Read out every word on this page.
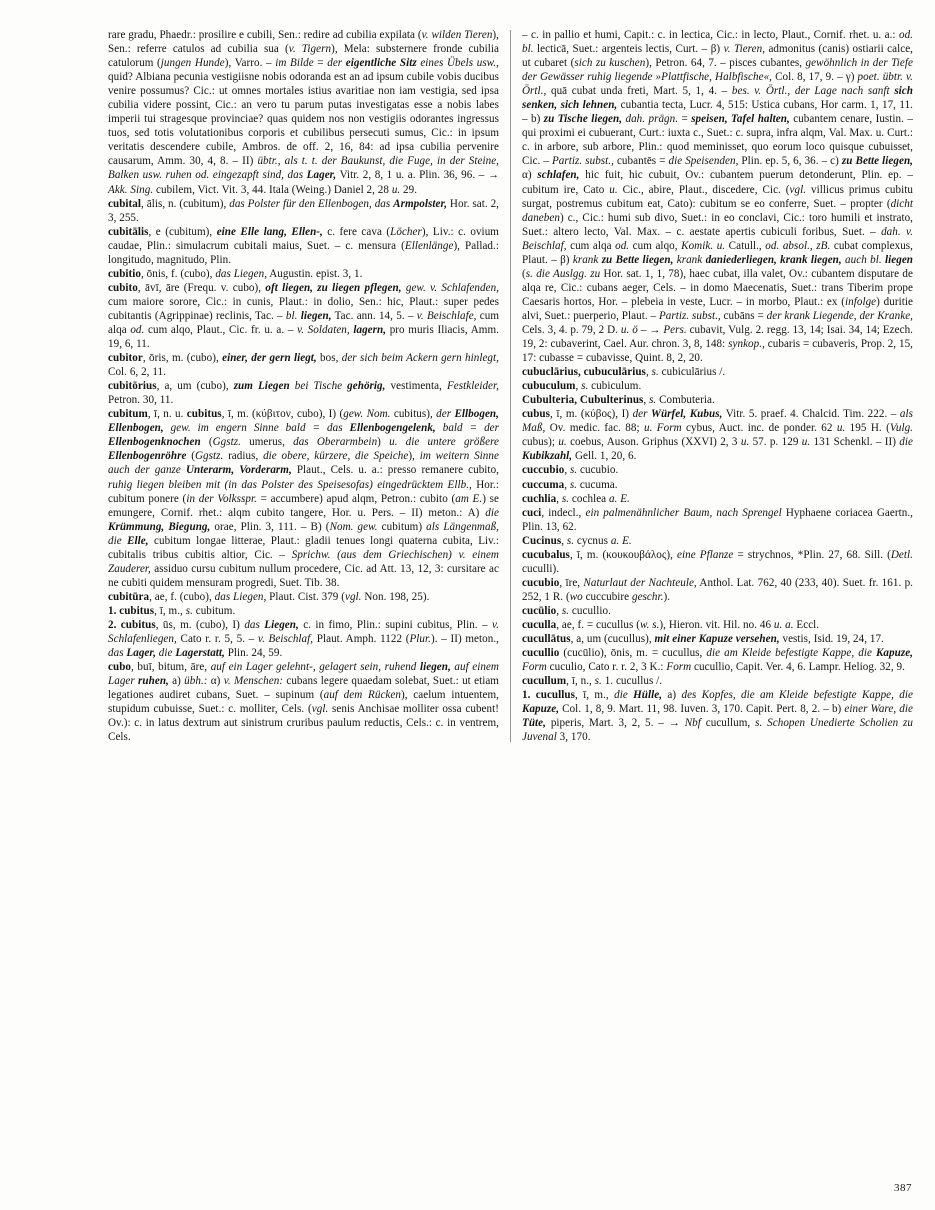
rare gradu, Phaedr.: prosilire e cubili, Sen.: redire ad cubilia expilata (v. wilden Tieren), Sen.: referre catulos ad cubilia sua (v. Tigern), Mela: substernere fronde cubilia catulorum (jungen Hunde), Varro. – im Bilde = der eigentliche Sitz eines Übels usw., quid? Albiana pecunia vestigiisne nobis odoranda est an ad ipsum cubile vobis ducibus venire possumus? Cic.: ut omnes mortales istius avaritiae non iam vestigia, sed ipsa cubilia videre possint, Cic.: an vero tu parum putas investigatas esse a nobis labes imperii tui stragesque provinciae? quas quidem nos non vestigiis odorantes ingressus tuos, sed totis volutationibus corporis et cubilibus persecuti sumus, Cic.: in ipsum veritatis descendere cubile, Ambros. de off. 2, 16, 84: ad ipsa cubilia pervenire causarum, Amm. 30, 4, 8. – II) übtr., als t. t. der Baukunst, die Fuge, in der Steine, Balken usw. ruhen od. eingezapft sind, das Lager, Vitr. 2, 8, 1 u. a. Plin. 36, 96. – → Akk. Sing. cubilem, Vict. Vit. 3, 44. Itala (Weing.) Daniel 2, 28 u. 29.

cubital, ālis, n. (cubitum), das Polster für den Ellenbogen, das Armpolster, Hor. sat. 2, 3, 255.

cubitālis, e (cubitum), eine Elle lang, Ellen-, c. fere cava (Löcher), Liv.: c. ovium caudae, Plin.: simulacrum cubitali maius, Suet. – c. mensura (Ellenlänge), Pallad.: longitudo, magnitudo, Plin.

cubitio, ōnis, f. (cubo), das Liegen, Augustin. epist. 3, 1.

cubito, āvī, āre (Frequ. v. cubo), oft liegen, zu liegen pflegen, gew. v. Schlafenden, cum maiore sorore, Cic.: in cunis, Plaut.: in dolio, Sen.: hic, Plaut.: super pedes cubitantis (Agrippinae) reclinis, Tac. – bl. liegen, Tac. ann. 14, 5. – v. Beischlafe, cum alqa od. cum alqo, Plaut., Cic. fr. u. a. – v. Soldaten, lagern, pro muris Iliacis, Amm. 19, 6, 11.

cubitor, ōris, m. (cubo), einer, der gern liegt, bos, der sich beim Ackern gern hinlegt, Col. 6, 2, 11.

cubitōrius, a, um (cubo), zum Liegen bei Tische gehörig, vestimenta, Festkleider, Petron. 30, 11.

cubitum, ī, n. u. cubitus, ī, m. (κύβιτον, cubo), I) (gew. Nom. cubitus), der Ellbogen, Ellenbogen, gew. im engern Sinne bald = das Ellenbogengelenk, bald = der Ellenbogenknochen (Ggstz. umerus, das Oberarmbein) u. die untere größere Ellenbogenröhre (Ggstz. radius, die obere, kürzere, die Speiche), im weitern Sinne auch der ganze Unterarm, Vorderarm, Plaut., Cels. u. a.: presso remanere cubito, ruhig liegen bleiben mit (in das Polster des Speisesofas) eingedrücktem Ellb., Hor.: cubitum ponere (in der Volksspr. = accumbere) apud alqm, Petron.: cubito (am E.) se emungere, Cornif. rhet.: alqm cubito tangere, Hor. u. Pers. – II) meton.: A) die Krümmung, Biegung, orae, Plin. 3, 111. – B) (Nom. gew. cubitum) als Längenmaß, die Elle, cubitum longae litterae, Plaut.: gladii tenues longi quaterna cubita, Liv.: cubitalis tribus cubitis altior, Cic. – Sprichw. (aus dem Griechischen) v. einem Zauderer, assiduo cursu cubitum nullum procedere, Cic. ad Att. 13, 12, 3: cursitare ac ne cubiti quidem mensuram progredi, Suet. Tib. 38.

cubitūra, ae, f. (cubo), das Liegen, Plaut. Cist. 379 (vgl. Non. 198, 25).

1. cubitus, ī, m., s. cubitum.

2. cubitus, ūs, m. (cubo), I) das Liegen, c. in fimo, Plin.: supini cubitus, Plin. – v. Schlafenliegen, Cato r. r. 5, 5. – v. Beischlaf, Plaut. Amph. 1122 (Plur.). – II) meton., das Lager, die Lagerstatt, Plin. 24, 59.

cubo, buī, bitum, āre, auf ein Lager gelehnt-, gelagert sein, ruhend liegen, auf einem Lager ruhen, a) übh.: α) v. Menschen: cubans legere quaedam solebat, Suet.: ut etiam legationes audiret cubans, Suet. – supinum (auf dem Rücken), caelum intuentem, stupidum cubuisse, Suet.: c. molliter, Cels. (vgl. senis Anchisae molliter ossa cubent! Ov.): c. in latus dextrum aut sinistrum cruribus paulum reductis, Cels.: c. in ventrem, Cels.

– c. in pallio et humi, Capit.: c. in lectica, Cic.: in lecto, Plaut., Cornif. rhet. u. a.: od. bl. lecticā, Suet.: argenteis lectis, Curt. – β) v. Tieren, admonitus (canis) ostiarii calce, ut cubaret (sich zu kuschen), Petron. 64, 7. – pisces cubantes, gewöhnlich in der Tiefe der Gewässer ruhig liegende »Plattfische, Halbfische«, Col. 8, 17, 9. – γ) poet. übtr. v. Örtl., quā cubat unda freti, Mart. 5, 1, 4. – bes. v. Örtl., der Lage nach sanft sich senken, sich lehnen, cubantia tecta, Lucr. 4, 515: Ustica cubans, Hor carm. 1, 17, 11. – b) zu Tische liegen, dah. prägn. = speisen, Tafel halten, cubantem cenare, Iustin. – qui proximi ei cubuerant, Curt.: iuxta c., Suet.: c. supra, infra alqm, Val. Max. u. Curt.: c. in arbore, sub arbore, Plin.: quod meminisset, quo eorum loco quisque cubuisset, Cic. – Partiz. subst., cubantēs = die Speisenden, Plin. ep. 5, 6, 36. – c) zu Bette liegen, α) schlafen, hic fuit, hic cubuit, Ov.: cubantem puerum detonderunt, Plin. ep. – cubitum ire, Cato u. Cic., abire, Plaut., discedere, Cic. (vgl. villicus primus cubitu surgat, postremus cubitum eat, Cato): cubitum se eo conferre, Suet. – propter (dicht daneben) c., Cic.: humi sub divo, Suet.: in eo conclavi, Cic.: toro humili et instrato, Suet.: altero lecto, Val. Max. – c. aestate apertis cubiculi foribus, Suet. – dah. v. Beischlaf, cum alqa od. cum alqo, Komik. u. Catull., od. absol., zB. cubat complexus, Plaut. – β) krank zu Bette liegen, krank daniederliegen, krank liegen, auch bl. liegen (s. die Auslgg. zu Hor. sat. 1, 1, 78), haec cubat, illa valet, Ov.: cubantem disputare de alqa re, Cic.: cubans aeger, Cels. – in domo Maecenatis, Suet.: trans Tiberim prope Caesaris hortos, Hor. – plebeia in veste, Lucr. – in morbo, Plaut.: ex (infolge) duritie alvi, Suet.: puerperio, Plaut. – Partiz. subst., cubāns = der krank Liegende, der Kranke, Cels. 3, 4. p. 79, 2 D. u. ö – → Pers. cubavit, Vulg. 2. regg. 13, 14; Isai. 34, 14; Ezech. 19, 2: cubaverint, Cael. Aur. chron. 3, 8, 148: synkop., cubaris = cubaveris, Prop. 2, 15, 17: cubasse = cubavisse, Quint. 8, 2, 20.

cubuclārius, cubuculārius, s. cubiculārius /.

cubuculum, s. cubiculum.

Cubulteria, Cubulterinus, s. Combuteria.

cubus, ī, m. (κύβος), I) der Würfel, Kubus, Vitr. 5. praef. 4. Chalcid. Tim. 222. – als Maß, Ov. medic. fac. 88; u. Form cybus, Auct. inc. de ponder. 62 u. 195 H. (Vulg. cubus); u. coebus, Auson. Griphus (XXVI) 2, 3 u. 57. p. 129 u. 131 Schenkl. – II) die Kubikzahl, Gell. 1, 20, 6.

cuccubio, s. cucubio.

cuccuma, s. cucuma.

cuchlia, s. cochlea a. E.

cuci, indecl., ein palmenähnlicher Baum, nach Sprengel Hyphaene coriacea Gaertn., Plin. 13, 62.

Cucinus, s. cycnus a. E.

cucubalus, ī, m. (κουκουβάλος), eine Pflanze = strychnos, *Plin. 27, 68. Sill. (Detl. cuculli).

cucubio, īre, Naturlaut der Nachteule, Anthol. Lat. 762, 40 (233, 40). Suet. fr. 161. p. 252, 1 R. (wo cuccubire geschr.).

cucūlio, s. cucullio.

cuculla, ae, f. = cucullus (w. s.), Hieron. vit. Hil. no. 46 u. a. Eccl.

cucullātus, a, um (cucullus), mit einer Kapuze versehen, vestis, Isid. 19, 24, 17.

cucullio (cucūlio), ōnis, m. = cucullus, die am Kleide befestigte Kappe, die Kapuze, Form cuculio, Cato r. r. 2, 3 K.: Form cucullio, Capit. Ver. 4, 6. Lampr. Heliog. 32, 9.

cucullum, ī, n., s. 1. cucullus /.

1. cucullus, ī, m., die Hülle, a) des Kopfes, die am Kleide befestigte Kappe, die Kapuze, Col. 1, 8, 9. Mart. 11, 98. Iuven. 3, 170. Capit. Pert. 8, 2. – b) einer Ware, die Tüte, piperis, Mart. 3, 2, 5. – → Nbf cucullum, s. Schopen Unedierte Scholien zu Juvenal 3, 170.

387
